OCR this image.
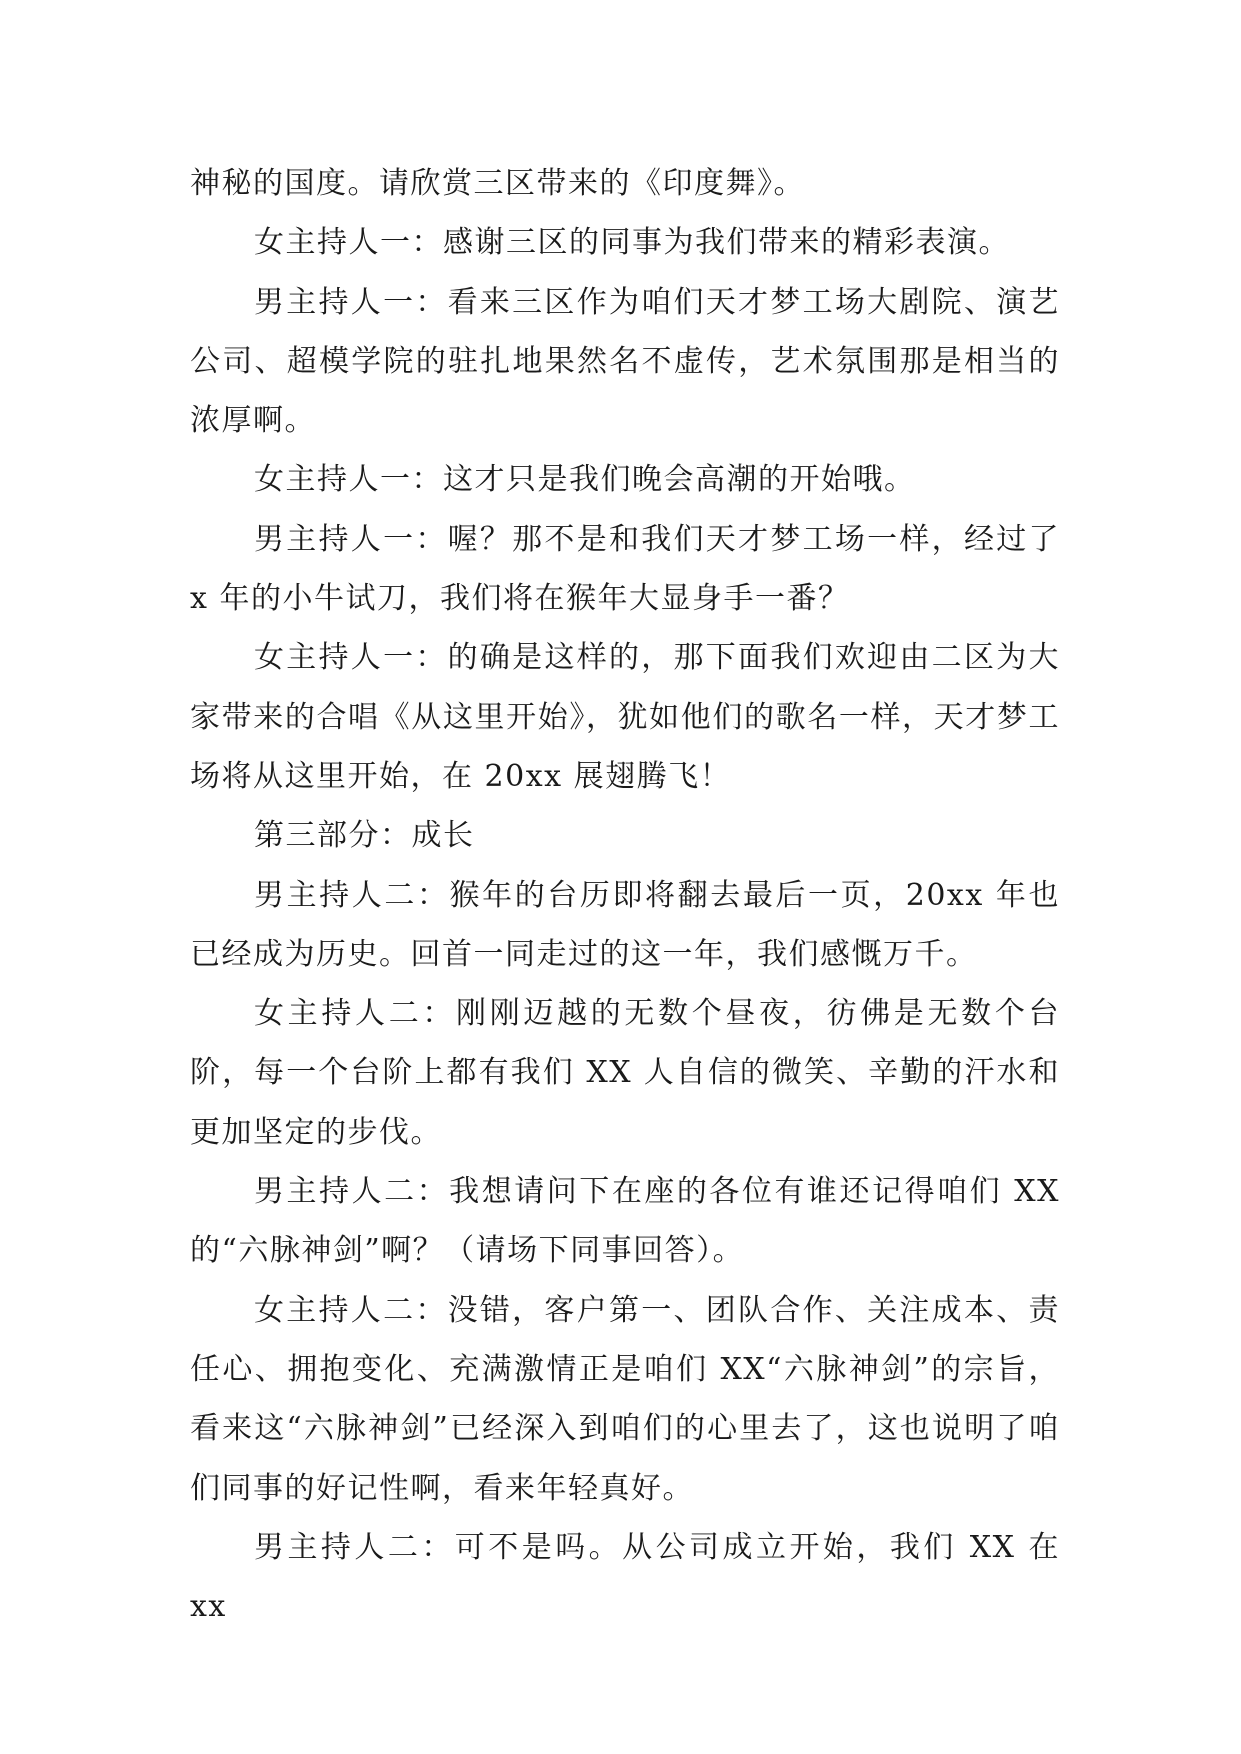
神秘的国度。请欣赏三区带来的《印度舞》。

女主持人一：感谢三区的同事为我们带来的精彩表演。

男主持人一：看来三区作为咱们天才梦工场大剧院、演艺公司、超模学院的驻扎地果然名不虚传，艺术氛围那是相当的浓厚啊。

女主持人一：这才只是我们晚会高潮的开始哦。

男主持人一：喔？那不是和我们天才梦工场一样，经过了 x 年的小牛试刀，我们将在猴年大显身手一番？

女主持人一：的确是这样的，那下面我们欢迎由二区为大家带来的合唱《从这里开始》，犹如他们的歌名一样，天才梦工场将从这里开始，在 20xx 展翅腾飞！

第三部分：成长

男主持人二：猴年的台历即将翻去最后一页，20xx 年也已经成为历史。回首一同走过的这一年，我们感慨万千。

女主持人二：刚刚迈越的无数个昼夜，彷佛是无数个台阶，每一个台阶上都有我们 XX 人自信的微笑、辛勤的汗水和更加坚定的步伐。

男主持人二：我想请问下在座的各位有谁还记得咱们 XX 的“六脉神剑”啊？（请场下同事回答）。

女主持人二：没错，客户第一、团队合作、关注成本、责任心、拥抱变化、充满激情正是咱们 XX“六脉神剑”的宗旨，看来这“六脉神剑”已经深入到咱们的心里去了，这也说明了咱们同事的好记性啊，看来年轻真好。

男主持人二：可不是吗。从公司成立开始，我们 XX 在 xx
